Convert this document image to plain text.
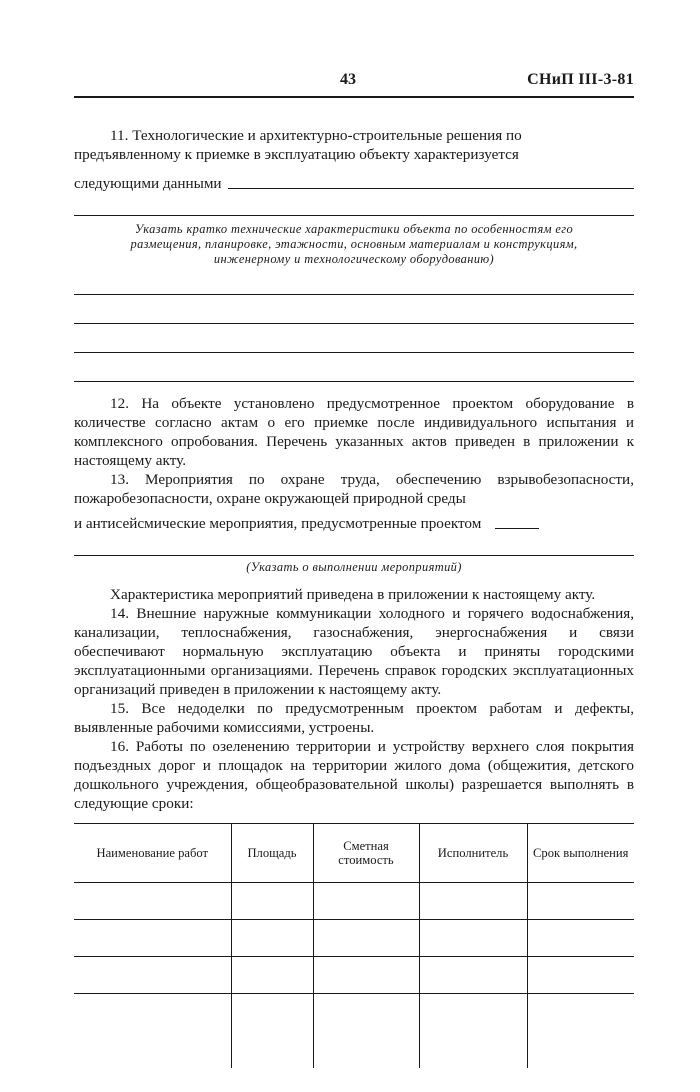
43	СНиП III-3-81

11. Технологические и архитектурно-строительные решения по

предъявленному к приемке в эксплуатацию объекту характеризуется

следующими данными
Указать кратко технические характеристики объекта по особенностям его
размещения, планировке, этажности, основным материалам и конструкциям,
инженерному и технологическому оборудованию)

12. На объекте установлено предусмотренное проектом оборудование в количестве согласно актам о его приемке после индивидуального испытания и комплексного опробования. Перечень указанных актов приведен в приложении к настоящему акту.

13. Мероприятия по охране труда, обеспечению взрывобезопасности, пожаробезопасности, охране окружающей природной среды

и антисейсмические мероприятия, предусмотренные проектом
(Указать о выполнении мероприятий)

Характеристика мероприятий приведена в приложении к настоящему акту.

14. Внешние наружные коммуникации холодного и горячего водоснабжения, канализации, теплоснабжения, газоснабжения, энергоснабжения и связи обеспечивают нормальную эксплуатацию объекта и приняты городскими эксплуатационными организациями. Перечень справок городских эксплуатационных организаций приведен в приложении к настоящему акту.

15. Все недоделки по предусмотренным проектом работам и дефекты, выявленные рабочими комиссиями, устроены.

16. Работы по озеленению территории и устройству верхнего слоя покрытия подъездных дорог и площадок на территории жилого дома (общежития, детского дошкольного учреждения, общеобразовательной школы) разрешается выполнять в следующие сроки:

Наименование работ	Площадь	Сметная стоимость	Исполнитель	Срок выполнения
